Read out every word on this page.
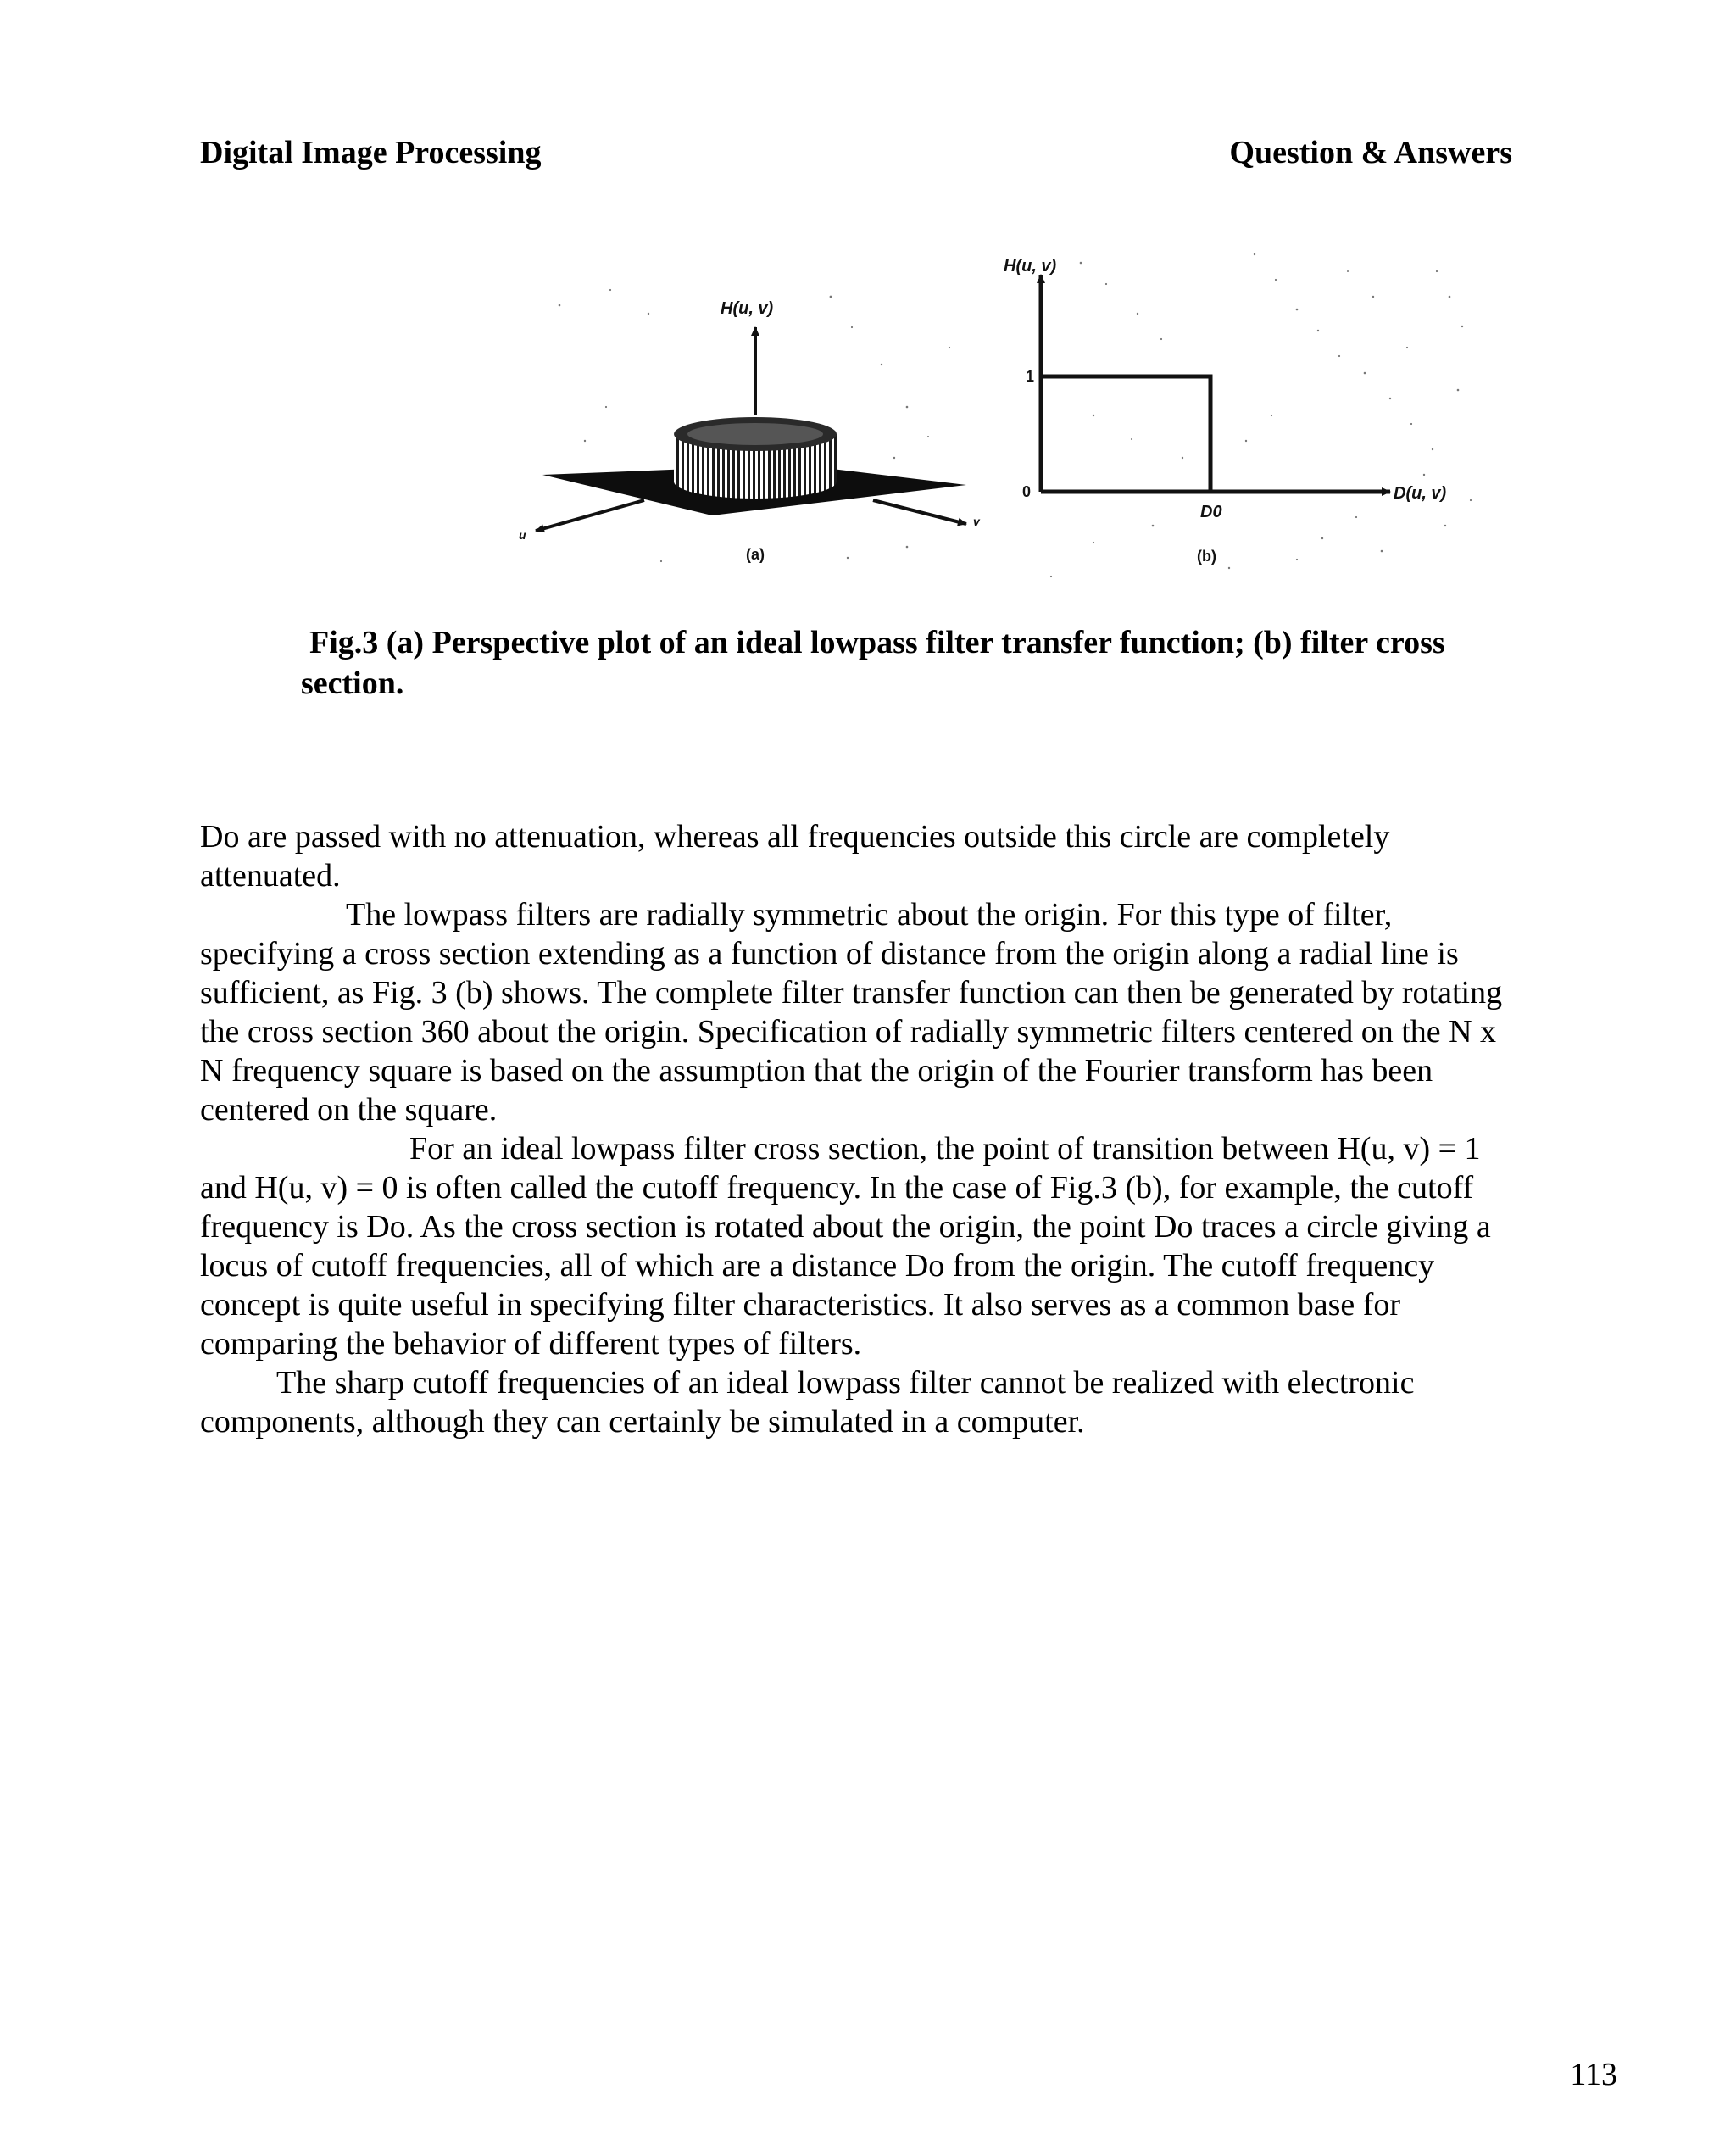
Digital Image Processing	Question & Answers
H(u, v)
u
v
(a)
H(u, v)
1
0	D(u, v)
D0
(b)
Fig.3 (a) Perspective plot of an ideal lowpass filter transfer function; (b) filter cross
section.

Do are passed with no attenuation, whereas all frequencies outside this circle are completely attenuated.

The lowpass filters are radially symmetric about the origin. For this type of filter, specifying a cross section extending as a function of distance from the origin along a radial line is sufficient, as Fig. 3 (b) shows. The complete filter transfer function can then be generated by rotating the cross section 360 about the origin. Specification of radially symmetric filters centered on the N x N frequency square is based on the assumption that the origin of the Fourier transform has been centered on the square.

For an ideal lowpass filter cross section, the point of transition between H(u, v) = 1 and H(u, v) = 0 is often called the cutoff frequency. In the case of Fig.3 (b), for example, the cutoff frequency is Do. As the cross section is rotated about the origin, the point Do traces a circle giving a locus of cutoff frequencies, all of which are a distance Do from the origin. The cutoff frequency concept is quite useful in specifying filter characteristics. It also serves as a common base for comparing the behavior of different types of filters.

The sharp cutoff frequencies of an ideal lowpass filter cannot be realized with electronic components, although they can certainly be simulated in a computer.

113
